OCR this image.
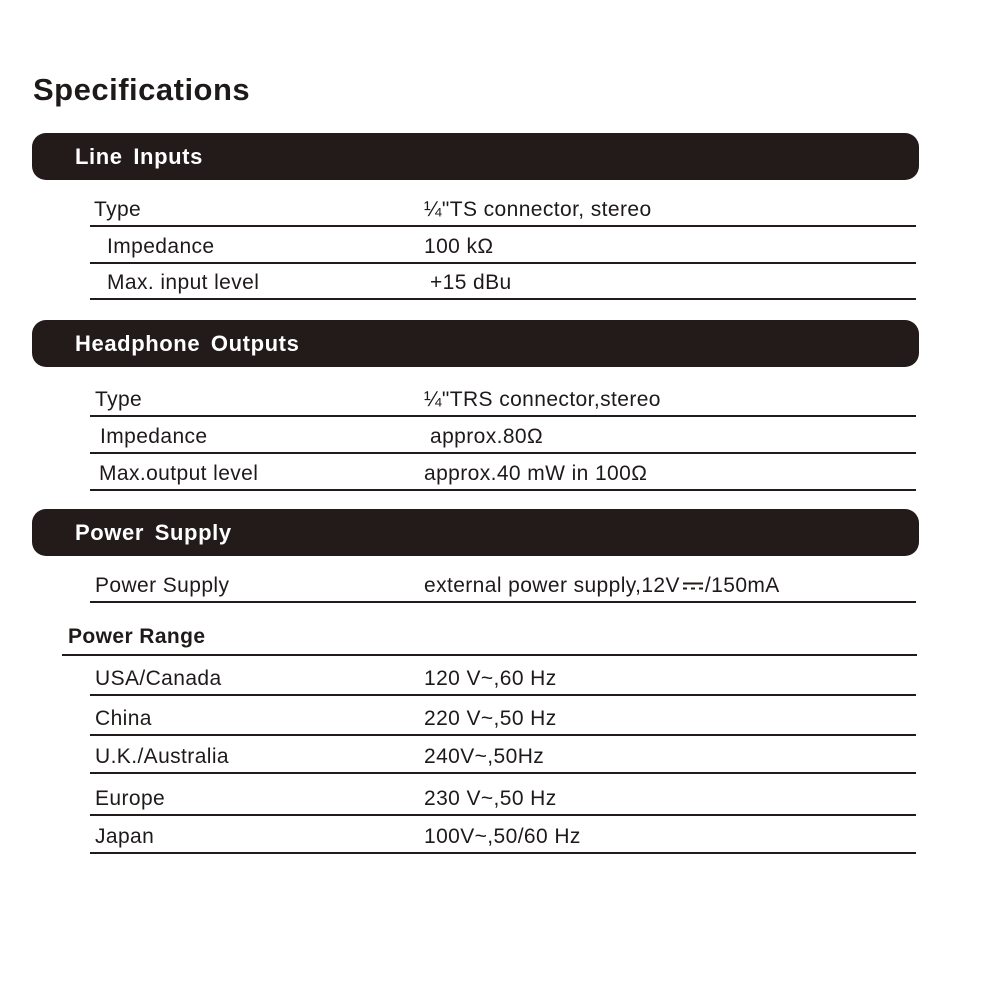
Specifications
Line Inputs
Type	¼"TS connector, stereo
Impedance	100 kΩ
Max. input level	+15 dBu
Headphone Outputs
Type	¼"TRS connector,stereo
Impedance	approx.80Ω
Max.output level	approx.40 mW in 100Ω
Power Supply
Power Supply	external power supply,12V /150mA
Power Range
USA/Canada	120 V~,60 Hz
China	220 V~,50 Hz
U.K./Australia	240V~,50Hz
Europe	230 V~,50 Hz
Japan	100V~,50/60 Hz
